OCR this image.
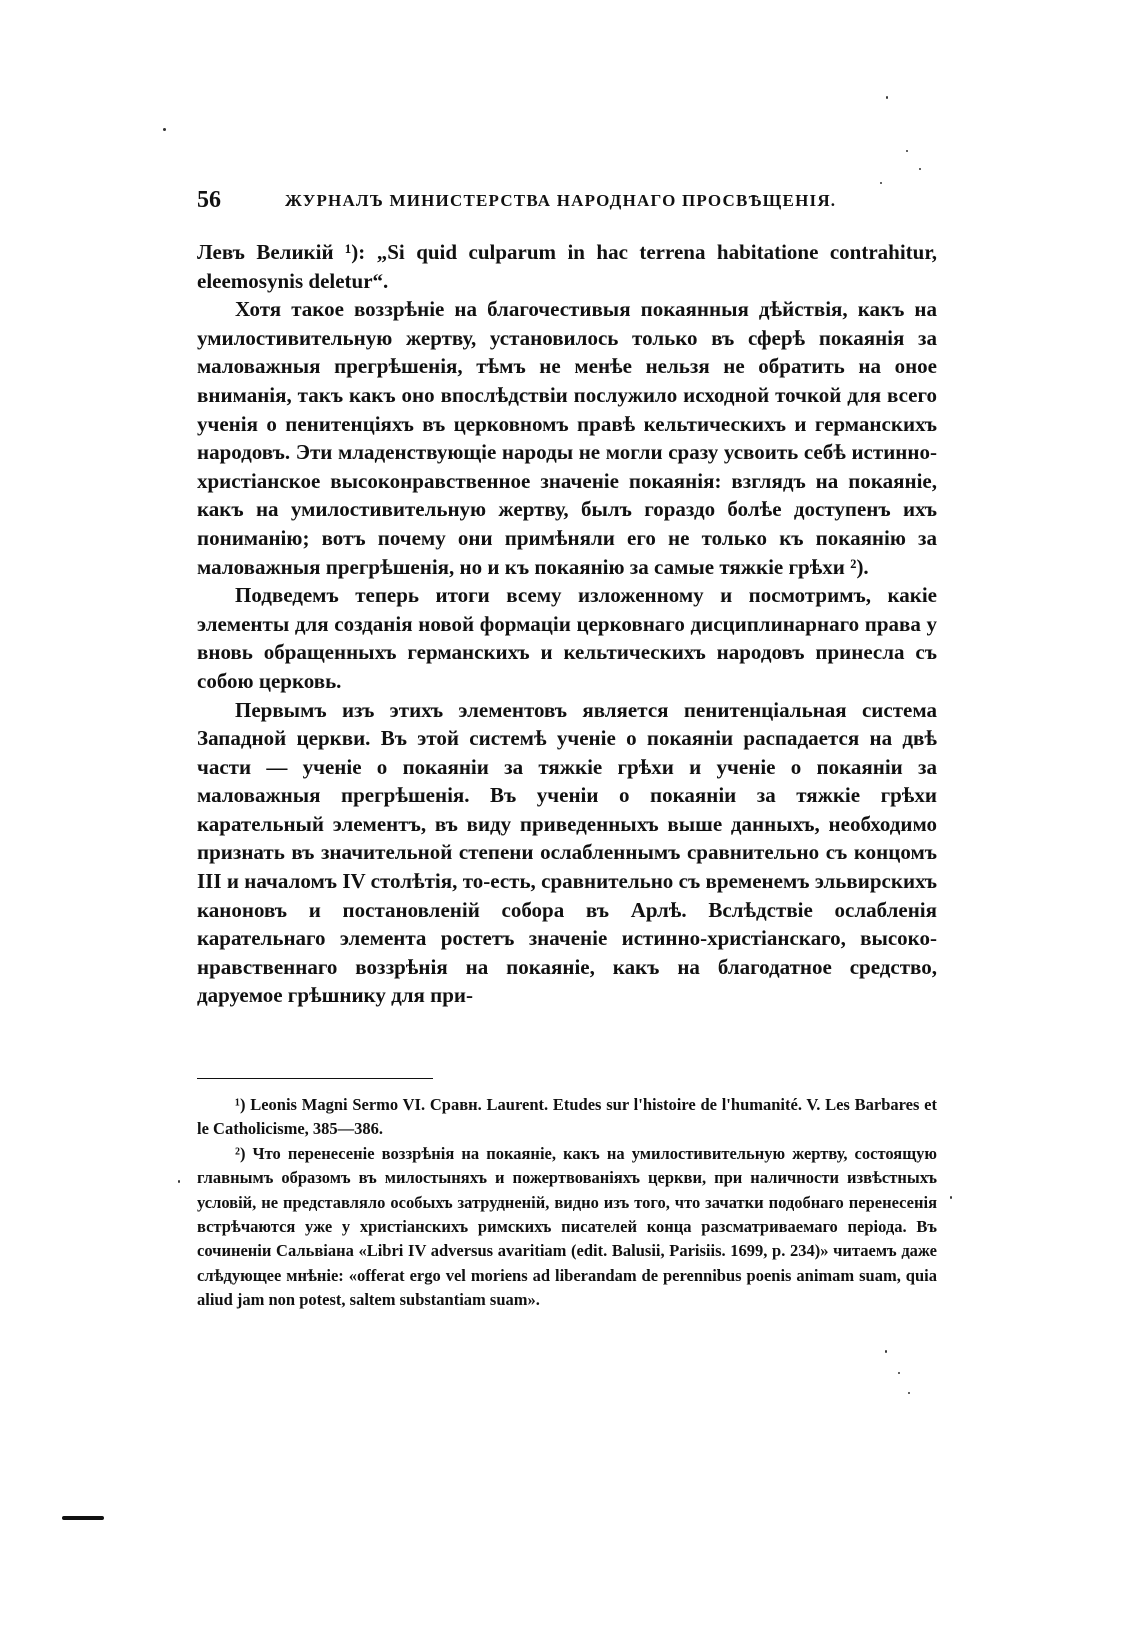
56	ЖУРНАЛЪ МИНИСТЕРСТВА НАРОДНАГО ПРОСВѢЩЕНІЯ.

Левъ Великій ¹): „Si quid culparum in hac terrena habitatione contrahitur, eleemosynis deletur“.

Хотя такое воззрѣніе на благочестивыя покаянныя дѣйствія, какъ на умилостивительную жертву, установилось только въ сферѣ покаянія за маловажныя прегрѣшенія, тѣмъ не менѣе нельзя не обратить на оное вниманія, такъ какъ оно впослѣдствіи послужило исходной точкой для всего ученія о пенитенціяхъ въ церковномъ правѣ кельтическихъ и германскихъ народовъ. Эти младенствующіе народы не могли сразу усвоить себѣ истинно-христіанское высоконравственное значеніе покаянія: взглядъ на покаяніе, какъ на умилостивительную жертву, былъ гораздо болѣе доступенъ ихъ пониманію; вотъ почему они примѣняли его не только къ покаянію за маловажныя прегрѣшенія, но и къ покаянію за самые тяжкіе грѣхи ²).

Подведемъ теперь итоги всему изложенному и посмотримъ, какіе элементы для созданія новой формаціи церковнаго дисциплинарнаго права у вновь обращенныхъ германскихъ и кельтическихъ народовъ принесла съ собою церковь.

Первымъ изъ этихъ элементовъ является пенитенціальная система Западной церкви. Въ этой системѣ ученіе о покаяніи распадается на двѣ части — ученіе о покаяніи за тяжкіе грѣхи и ученіе о покаяніи за маловажныя прегрѣшенія. Въ ученіи о покаяніи за тяжкіе грѣхи карательный элементъ, въ виду приведенныхъ выше данныхъ, необходимо признать въ значительной степени ослабленнымъ сравнительно съ концомъ III и началомъ IV столѣтія, то-есть, сравнительно съ временемъ эльвирскихъ каноновъ и постановленій собора въ Арлѣ. Вслѣдствіе ослабленія карательнаго элемента ростетъ значеніе истинно-христіанскаго, высоко-нравственнаго воззрѣнія на покаяніе, какъ на благодатное средство, даруемое грѣшнику для при-

¹) Leonis Magni Sermo VI. Сравн. Laurent. Etudes sur l'histoire de l'humanité. V. Les Barbares et le Catholicisme, 385—386.

²) Что перенесеніе воззрѣнія на покаяніе, какъ на умилостивительную жертву, состоящую главнымъ образомъ въ милостыняхъ и пожертвованіяхъ церкви, при наличности извѣстныхъ условій, не представляло особыхъ затрудненій, видно изъ того, что зачатки подобнаго перенесенія встрѣчаются уже у христіанскихъ римскихъ писателей конца разсматриваемаго періода. Въ сочиненіи Сальвіана «Libri IV adversus avaritiam (edit. Balusii, Parisiis. 1699, p. 234)» читаемъ даже слѣдующее мнѣніе: «offerat ergo vel moriens ad liberandam de perennibus poenis animam suam, quia aliud jam non potest, saltem substantiam suam».
